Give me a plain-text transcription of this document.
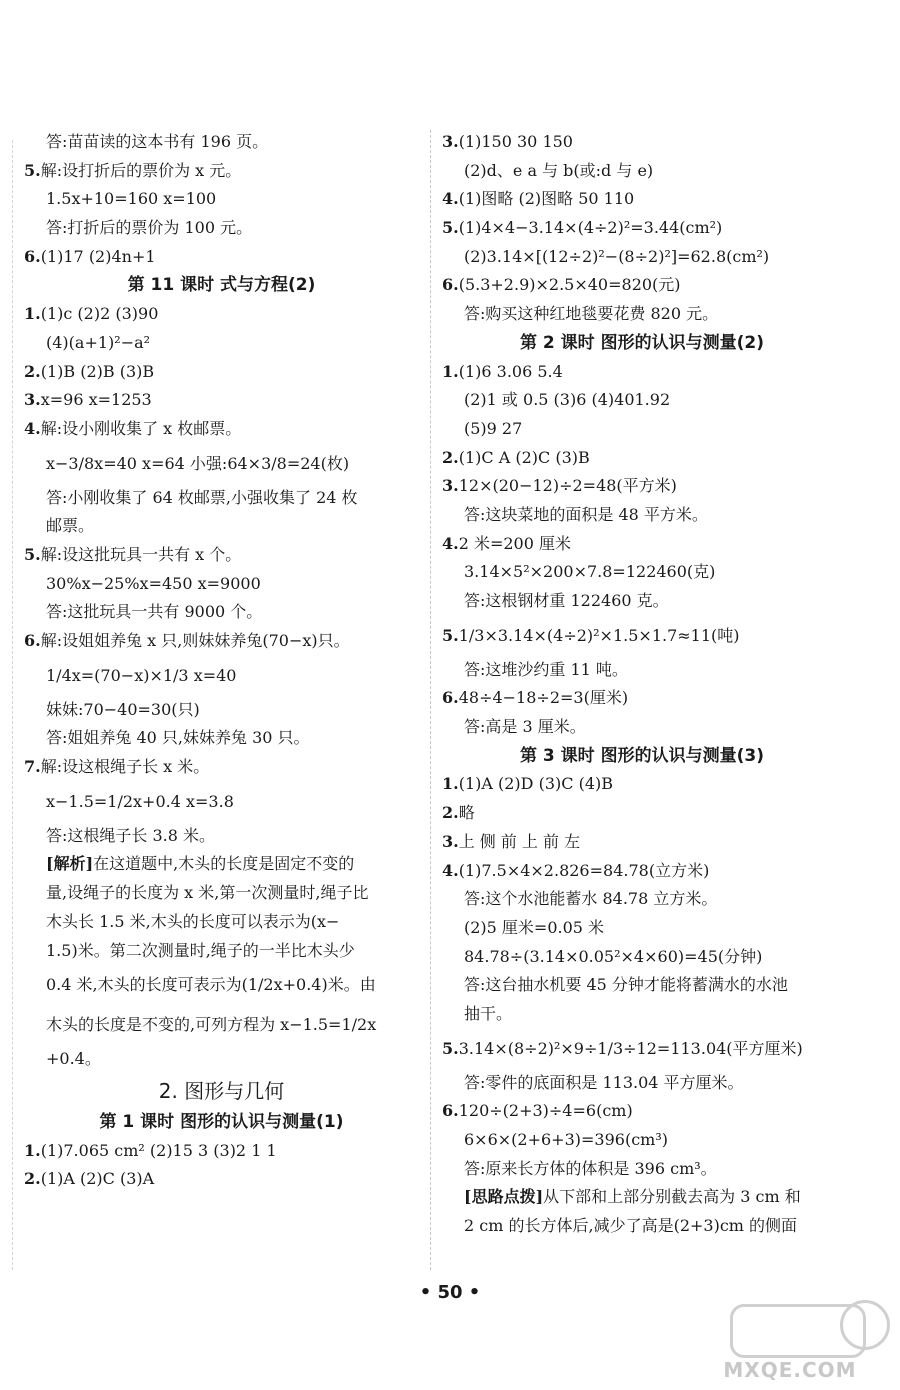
答:苗苗读的这本书有 196 页。
5.解:设打折后的票价为 x 元。
1.5x+10=160 x=100
答:打折后的票价为 100 元。
6.(1)17 (2)4n+1
第 11 课时 式与方程(2)
1.(1)c (2)2 (3)90
(4)(a+1)²−a²
2.(1)B (2)B (3)B
3.x=96 x=1253
4.解:设小刚收集了 x 枚邮票。
x−3/8x=40 x=64 小强:64×3/8=24(枚)
答:小刚收集了 64 枚邮票,小强收集了 24 枚
邮票。
5.解:设这批玩具一共有 x 个。
30%x−25%x=450 x=9000
答:这批玩具一共有 9000 个。
6.解:设姐姐养兔 x 只,则妹妹养兔(70−x)只。
1/4x=(70−x)×1/3 x=40
妹妹:70−40=30(只)
答:姐姐养兔 40 只,妹妹养兔 30 只。
7.解:设这根绳子长 x 米。
x−1.5=1/2x+0.4 x=3.8
答:这根绳子长 3.8 米。
[解析]在这道题中,木头的长度是固定不变的
量,设绳子的长度为 x 米,第一次测量时,绳子比
木头长 1.5 米,木头的长度可以表示为(x−
1.5)米。第二次测量时,绳子的一半比木头少
0.4 米,木头的长度可表示为(1/2x+0.4)米。由
木头的长度是不变的,可列方程为 x−1.5=1/2x
+0.4。
2. 图形与几何
第 1 课时 图形的认识与测量(1)
1.(1)7.065 cm² (2)15 3 (3)2 1 1
2.(1)A (2)C (3)A
3.(1)150 30 150
(2)d、e a 与 b(或:d 与 e)
4.(1)图略 (2)图略 50 110
5.(1)4×4−3.14×(4÷2)²=3.44(cm²)
(2)3.14×[(12÷2)²−(8÷2)²]=62.8(cm²)
6.(5.3+2.9)×2.5×40=820(元)
答:购买这种红地毯要花费 820 元。
第 2 课时 图形的认识与测量(2)
1.(1)6 3.06 5.4
(2)1 或 0.5 (3)6 (4)401.92
(5)9 27
2.(1)C A (2)C (3)B
3.12×(20−12)÷2=48(平方米)
答:这块菜地的面积是 48 平方米。
4.2 米=200 厘米
3.14×5²×200×7.8=122460(克)
答:这根钢材重 122460 克。
5.1/3×3.14×(4÷2)²×1.5×1.7≈11(吨)
答:这堆沙约重 11 吨。
6.48÷4−18÷2=3(厘米)
答:高是 3 厘米。
第 3 课时 图形的认识与测量(3)
1.(1)A (2)D (3)C (4)B
2.略
3.上 侧 前 上 前 左
4.(1)7.5×4×2.826=84.78(立方米)
答:这个水池能蓄水 84.78 立方米。
(2)5 厘米=0.05 米
84.78÷(3.14×0.05²×4×60)=45(分钟)
答:这台抽水机要 45 分钟才能将蓄满水的水池
抽干。
5.3.14×(8÷2)²×9÷1/3÷12=113.04(平方厘米)
答:零件的底面积是 113.04 平方厘米。
6.120÷(2+3)÷4=6(cm)
6×6×(2+6+3)=396(cm³)
答:原来长方体的体积是 396 cm³。
[思路点拨]从下部和上部分别截去高为 3 cm 和
2 cm 的长方体后,减少了高是(2+3)cm 的侧面
• 50 •
MXQE.COM
